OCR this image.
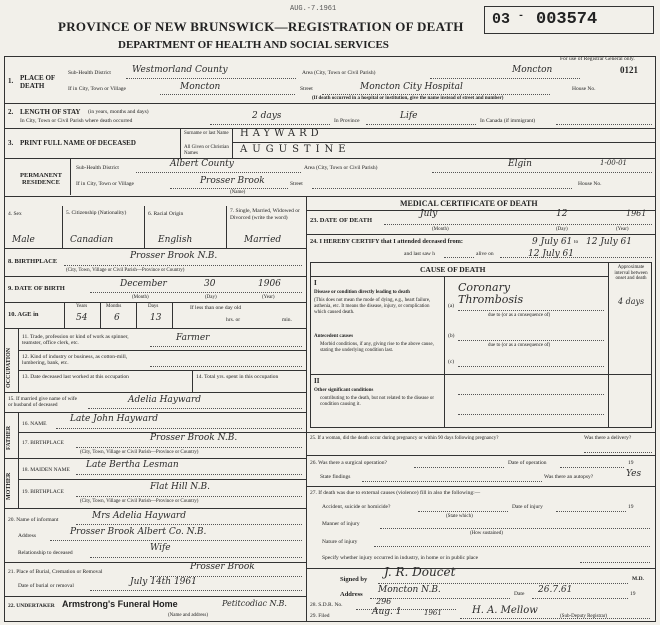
AUG.-7.1961
PROVINCE OF NEW BRUNSWICK—REGISTRATION OF DEATH
DEPARTMENT OF HEALTH AND SOCIAL SERVICES
03 - 003574
For use of Registrar General only.
0121
1. PLACE OF DEATH
Sub-Health District Westmorland County	Area (City, Town or Civil Parish)	Moncton
If in City, Town or Village	Moncton	Street	Moncton City Hospital	House No.
(If death occurred in a hospital or institution, give the name instead of street and number)
2. LENGTH OF STAY (in years, months and days)
In City, Town or Civil Parish where death occurred	2 days	In Province	Life	In Canada (if immigrant)
3. PRINT FULL NAME OF DECEASED
Surname or last Name
All Given or Christian Names
HAYWARD
AUGUSTINE
PERMANENT RESIDENCE
Sub-Health District	Albert County	Area (City, Town or Civil Parish)	Elgin	1-00-01
If in City, Town or Village	Prosser Brook
(Name)
Street	House No.
4. Sex	5. Citizenship (Nationality)	6. Racial Origin	7. Single, Married, Widowed or Divorced (write the word)
Male	Canadian	English	Married
8. BIRTHPLACE
Prosser Brook N.B.
(City, Town, Village or Civil Parish—Province or Country)
9. DATE OF BIRTH	December	30	1906
(Month)	(Day)	(Year)
10. AGE in
Years	Months	Days
54	6	13
If less than one day old
hrs. or	min.
OCCUPATION
11. Trade, profession or kind of work as spinner, teamster, office clerk, etc.
Farmer
12. Kind of industry or business, as cotton-mill, lumbering, bank, etc.
13. Date deceased last worked at this occupation	14. Total yrs. spent in this occupation
15. If married give name of wife or husband of deceased
Adelia Hayward
FATHER
16. NAME	Late John Hayward
17. BIRTHPLACE	Prosser Brook N.B.
(City, Town, Village or Civil Parish—Province or Country)
MOTHER
18. MAIDEN NAME Late Bertha Lesman
19. BIRTHPLACE	Flat Hill N.B.
(City, Town, Village or Civil Parish—Province or Country)
20. Name of informant	Mrs Adelia Hayward
Address	Prosser Brook Albert Co. N.B.
Relationship to deceased	Wife
21. Place of Burial, Cremation or Removal	Prosser Brook
Date of burial or removal	July 14th 1961
22. UNDERTAKER Armstrong's Funeral Home	Petitcodiac N.B.
(Name and address)
MEDICAL CERTIFICATE OF DEATH
23. DATE OF DEATH
July	12	1961
(Month)	(Day)	(Year)
24. I HEREBY CERTIFY that I attended deceased from:	9 July 61 to 12 July 61
and last saw h	alive on	12 July 61
CAUSE OF DEATH	Approximate interval between onset and death
I
Disease or condition directly leading to death
(This does not mean the mode of dying, e.g., heart failure, asthenia, etc. It means the disease, injury, or complication which caused death.
(a)
Coronary Thrombosis	4 days
due to (or as a consequence of)
Antecedent causes
Morbid conditions, if any, giving rise to the above cause, stating the underlying condition last.
(b)
due to (or as a consequence of)
(c)
II
Other significant conditions
contributing to the death, but not related to the disease or condition causing it.
25. If a woman, did the death occur during pregnancy or within 90 days following pregnancy?	Was there a delivery?
26. Was there a surgical operation?	Date of operation	19
State findings	Was there an autopsy?	Yes
27. If death was due to external causes (violence) fill in also the following:—
Accident, suicide or homicide?
(State which)
Date of injury	19
Manner of injury
(How sustained)
Nature of injury
Specify whether injury occurred in industry, in home or in public place
Signed by
J. R. Doucet	M.D.
Address Moncton N.B.	Date 26.7.61	19
28. S.D.R. No.	296
29. Filed	Aug. 1	1961	H. A. Mellow
(Sub-Deputy Registrar)
